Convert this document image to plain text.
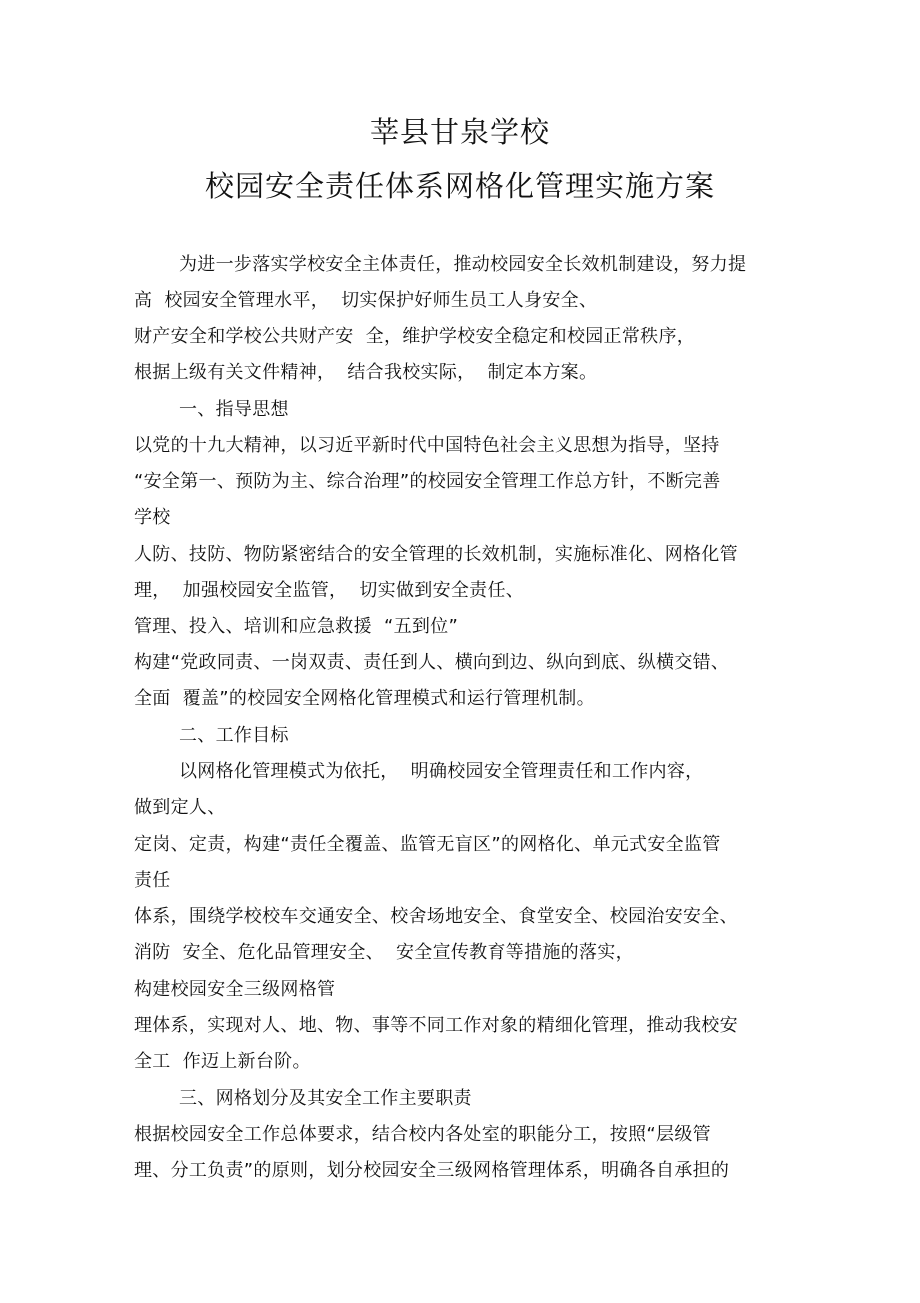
莘县甘泉学校
校园安全责任体系网格化管理实施方案
为进一步落实学校安全主体责任，推动校园安全长效机制建设，努力提
高  校园安全管理水平，  切实保护好师生员工人身安全、
财产安全和学校公共财产安  全，维护学校安全稳定和校园正常秩序，
根据上级有关文件精神，  结合我校实际，  制定本方案。
一、指导思想
以党的十九大精神，以习近平新时代中国特色社会主义思想为指导，坚持
“安全第一、预防为主、综合治理”的校园安全管理工作总方针，不断完善
学校
人防、技防、物防紧密结合的安全管理的长效机制，实施标准化、网格化管
理，  加强校园安全监管，  切实做到安全责任、
管理、投入、培训和应急救援  “五到位”
构建“党政同责、一岗双责、责任到人、横向到边、纵向到底、纵横交错、
全面  覆盖”的校园安全网格化管理模式和运行管理机制。
二、工作目标
以网格化管理模式为依托，  明确校园安全管理责任和工作内容，
做到定人、
定岗、定责，构建“责任全覆盖、监管无盲区”的网格化、单元式安全监管
责任
体系，围绕学校校车交通安全、校舍场地安全、食堂安全、校园治安安全、
消防  安全、危化品管理安全、  安全宣传教育等措施的落实，
构建校园安全三级网格管
理体系，实现对人、地、物、事等不同工作对象的精细化管理，推动我校安
全工  作迈上新台阶。
三、网格划分及其安全工作主要职责
根据校园安全工作总体要求，结合校内各处室的职能分工，按照“层级管
理、分工负责”的原则，划分校园安全三级网格管理体系，明确各自承担的
